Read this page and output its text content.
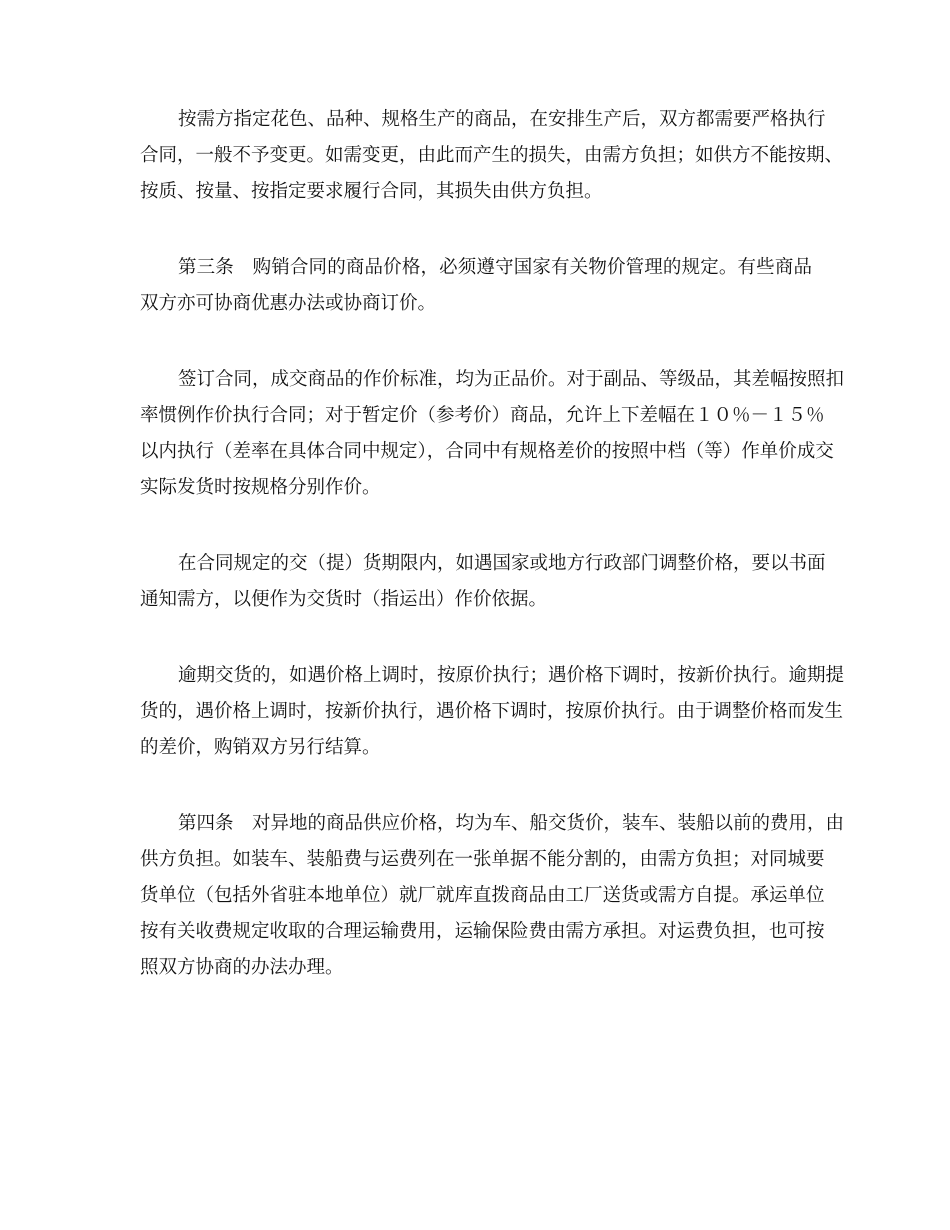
按需方指定花色、品种、规格生产的商品，在安排生产后，双方都需要严格执行
合同，一般不予变更。如需变更，由此而产生的损失，由需方负担；如供方不能按期、
按质、按量、按指定要求履行合同，其损失由供方负担。
第三条　购销合同的商品价格，必须遵守国家有关物价管理的规定。有些商品
双方亦可协商优惠办法或协商订价。
签订合同，成交商品的作价标准，均为正品价。对于副品、等级品，其差幅按照扣
率惯例作价执行合同；对于暂定价（参考价）商品，允许上下差幅在１０％－１５％
以内执行（差率在具体合同中规定），合同中有规格差价的按照中档（等）作单价成交
实际发货时按规格分别作价。
在合同规定的交（提）货期限内，如遇国家或地方行政部门调整价格，要以书面
通知需方，以便作为交货时（指运出）作价依据。
逾期交货的，如遇价格上调时，按原价执行；遇价格下调时，按新价执行。逾期提
货的，遇价格上调时，按新价执行，遇价格下调时，按原价执行。由于调整价格而发生
的差价，购销双方另行结算。
第四条　对异地的商品供应价格，均为车、船交货价，装车、装船以前的费用，由
供方负担。如装车、装船费与运费列在一张单据不能分割的，由需方负担；对同城要
货单位（包括外省驻本地单位）就厂就库直拨商品由工厂送货或需方自提。承运单位
按有关收费规定收取的合理运输费用，运输保险费由需方承担。对运费负担，也可按
照双方协商的办法办理。
